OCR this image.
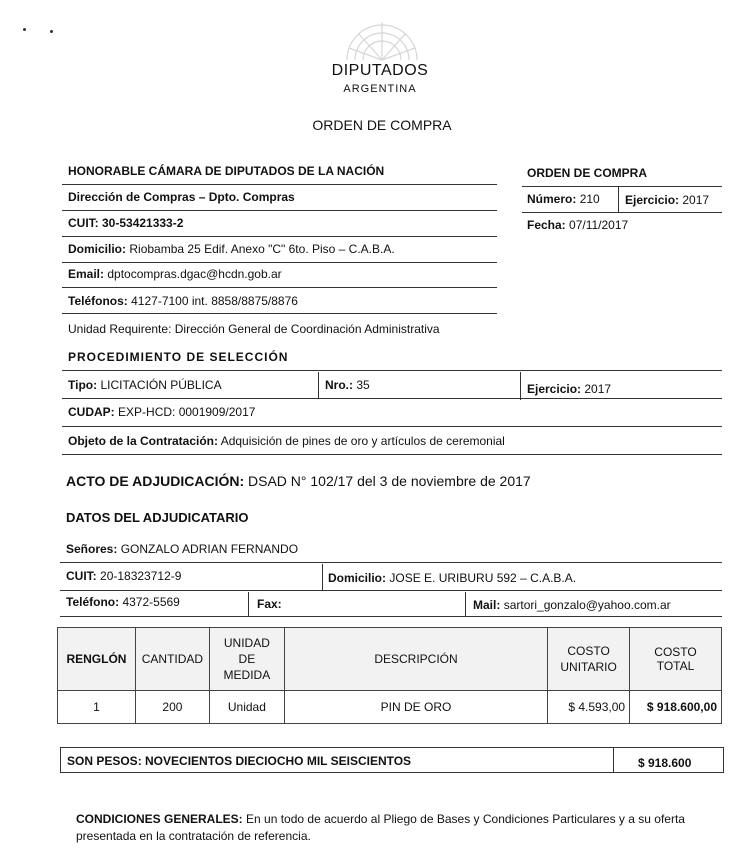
DIPUTADOS
ARGENTINA
ORDEN DE COMPRA
HONORABLE CÁMARA DE DIPUTADOS DE LA NACIÓN
Dirección de Compras – Dpto. Compras
CUIT: 30-53421333-2
Domicilio: Riobamba 25 Edif. Anexo "C" 6to. Piso – C.A.B.A.
Email: dptocompras.dgac@hcdn.gob.ar
Teléfonos: 4127-7100 int. 8858/8875/8876
Unidad Requirente: Dirección General de Coordinación Administrativa
ORDEN DE COMPRA
Número: 210 Ejercicio: 2017
Fecha: 07/11/2017
PROCEDIMIENTO DE SELECCIÓN
Tipo: LICITACIÓN PÚBLICA	Nro.: 35	Ejercicio: 2017
CUDAP: EXP-HCD: 0001909/2017
Objeto de la Contratación: Adquisición de pines de oro y artículos de ceremonial
ACTO DE ADJUDICACIÓN: DSAD N° 102/17 del 3 de noviembre de 2017
DATOS DEL ADJUDICATARIO
Señores: GONZALO ADRIAN FERNANDO
CUIT: 20-18323712-9	Domicilio: JOSE E. URIBURU 592 – C.A.B.A.
Teléfono: 4372-5569	Fax:	Mail: sartori_gonzalo@yahoo.com.ar
RENGLÓN	CANTIDAD	UNIDAD DE MEDIDA	DESCRIPCIÓN	COSTO UNITARIO	COSTO TOTAL
1	200	Unidad	PIN DE ORO	$ 4.593,00	$ 918.600,00
SON PESOS: NOVECIENTOS DIECIOCHO MIL SEISCIENTOS	$ 918.600
CONDICIONES GENERALES: En un todo de acuerdo al Pliego de Bases y Condiciones Particulares y a su oferta
presentada en la contratación de referencia.
